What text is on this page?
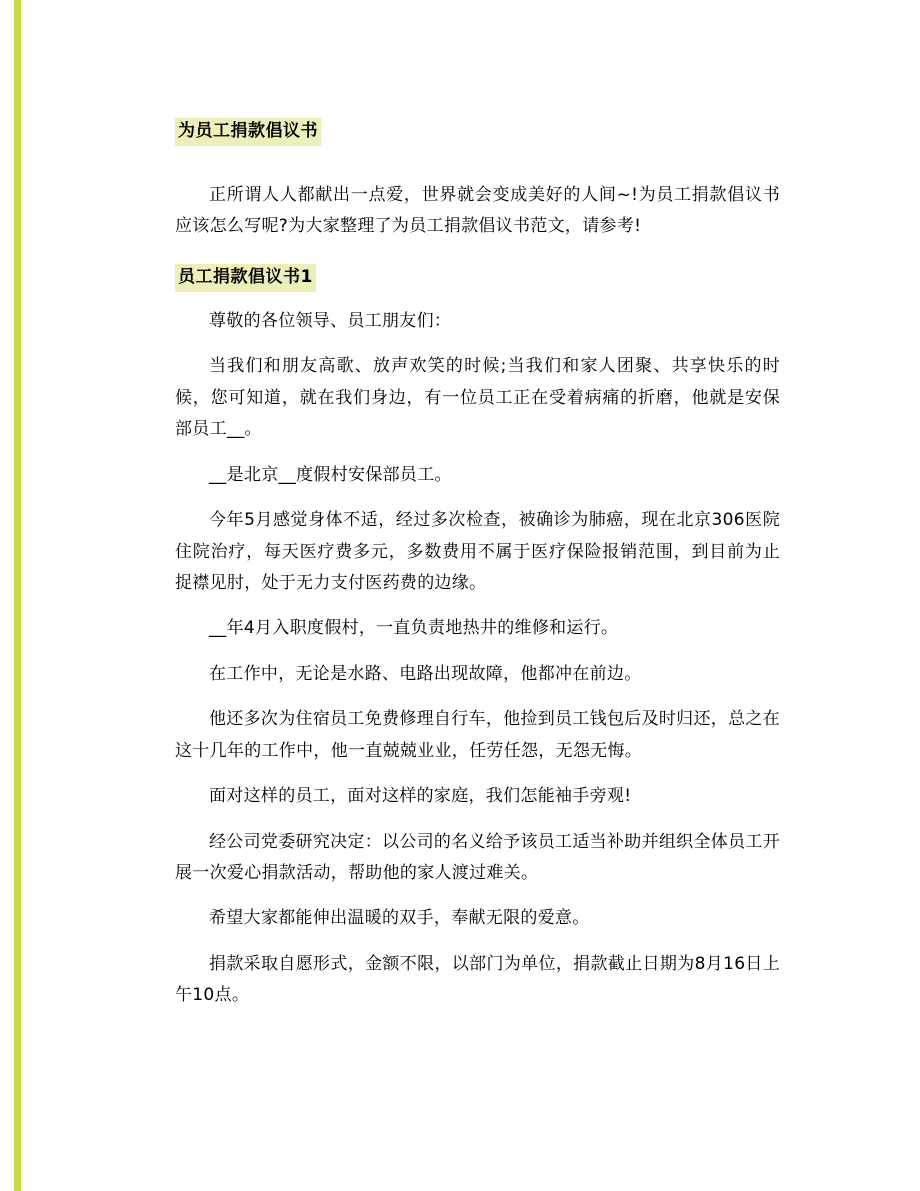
为员工捐款倡议书

正所谓人人都献出一点爱，世界就会变成美好的人间~!为员工捐款倡议书应该怎么写呢?为大家整理了为员工捐款倡议书范文，请参考!

员工捐款倡议书1

尊敬的各位领导、员工朋友们：

当我们和朋友高歌、放声欢笑的时候;当我们和家人团聚、共享快乐的时候，您可知道，就在我们身边，有一位员工正在受着病痛的折磨，他就是安保部员工__。

__是北京__度假村安保部员工。

今年5月感觉身体不适，经过多次检查，被确诊为肺癌，现在北京306医院住院治疗，每天医疗费多元，多数费用不属于医疗保险报销范围，到目前为止捉襟见肘，处于无力支付医药费的边缘。

__年4月入职度假村，一直负责地热井的维修和运行。

在工作中，无论是水路、电路出现故障，他都冲在前边。

他还多次为住宿员工免费修理自行车，他捡到员工钱包后及时归还，总之在这十几年的工作中，他一直兢兢业业，任劳任怨，无怨无悔。

面对这样的员工，面对这样的家庭，我们怎能袖手旁观!

经公司党委研究决定：以公司的名义给予该员工适当补助并组织全体员工开展一次爱心捐款活动，帮助他的家人渡过难关。

希望大家都能伸出温暖的双手，奉献无限的爱意。

捐款采取自愿形式，金额不限，以部门为单位，捐款截止日期为8月16日上午10点。
